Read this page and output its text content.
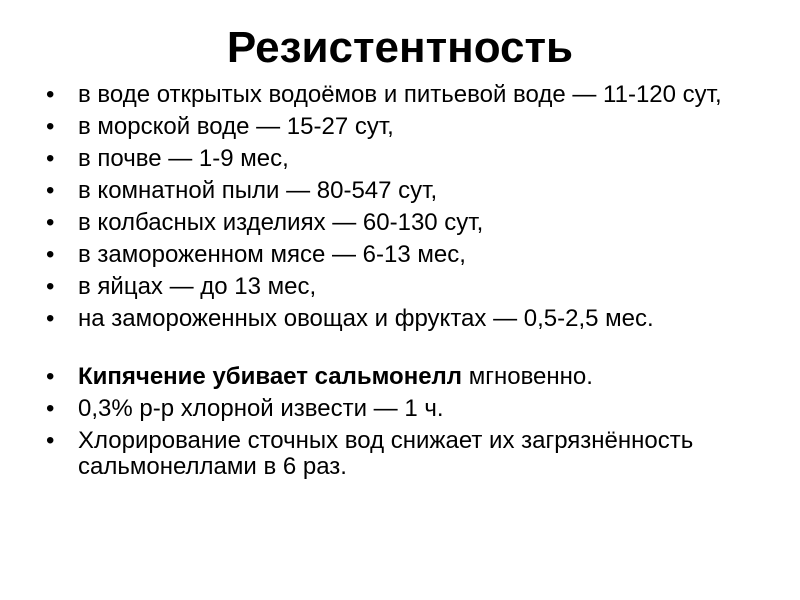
Резистентность
• в воде открытых водоёмов и питьевой воде — 11-120 сут,
• в морской воде — 15-27 сут,
• в почве — 1-9 мес,
• в комнатной пыли — 80-547 сут,
• в колбасных изделиях — 60-130 сут,
• в замороженном мясе — 6-13 мес,
• в яйцах — до 13 мес,
• на замороженных овощах и фруктах — 0,5-2,5 мес.
• Кипячение убивает сальмонелл мгновенно.
• 0,3% р-р хлорной извести — 1 ч.
• Хлорирование сточных вод снижает их загрязнённость сальмонеллами в 6 раз.
